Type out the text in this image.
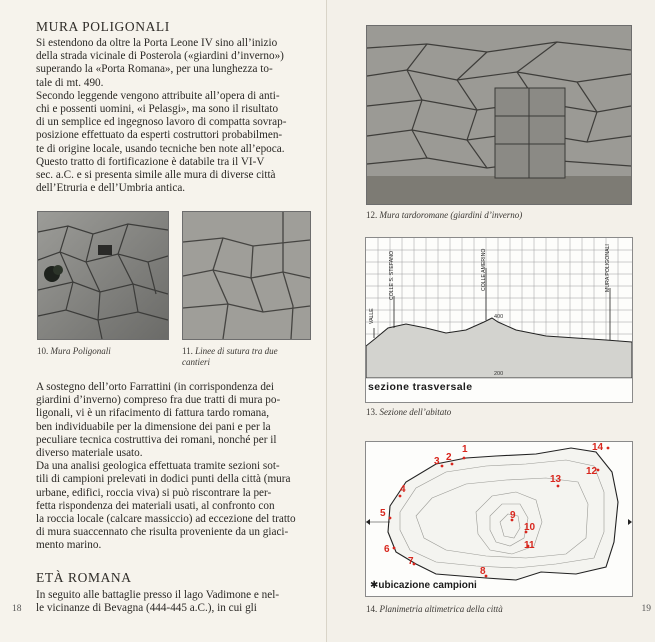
MURA POLIGONALI
Si estendono da oltre la Porta Leone IV sino all’inizio
della strada vicinale di Posterola («giardini d’inverno»)
superando la «Porta Romana», per una lunghezza to-
tale di mt. 490.
Secondo leggende vengono attribuite all’opera di anti-
chi e possenti uomini, «i Pelasgi», ma sono il risultato
di un semplice ed ingegnoso lavoro di compatta sovrap-
posizione effettuato da esperti costruttori probabilmen-
te di origine locale, usando tecniche ben note all’epoca.
Questo tratto di fortificazione è databile tra il VI-V
sec. a.C. e si presenta simile alle mura di diverse città
dell’Etruria e dell’Umbria antica.
10. Mura Poligonali	11. Linee di sutura tra due
cantieri
A sostegno dell’orto Farrattini (in corrispondenza dei
giardini d’inverno) compreso fra due tratti di mura po-
ligonali, vi è un rifacimento di fattura tardo romana,
ben individuabile per la dimensione dei pani e per la
peculiare tecnica costruttiva dei romani, nonché per il
diverso materiale usato.
Da una analisi geologica effettuata tramite sezioni sot-
tili di campioni prelevati in dodici punti della città (mura
urbane, edifici, roccia viva) si può riscontrare la per-
fetta rispondenza dei materiali usati, al confronto con
la roccia locale (calcare massiccio) ad eccezione del tratto
di mura suaccennato che risulta proveniente da un giaci-
mento marino.
ETÀ ROMANA
In seguito alle battaglie presso il lago Vadimone e nel-
le vicinanze di Bevagna (444-445 a.C.), in cui gli
18
12. Mura tardoromane (giardini d’inverno)
VALLE
COLLE S. STEFANO	COLLE AMERINO	MURA POLIGONALI
400
200
sezione trasversale
13. Sezione dell’abitato
1
2
3
4
5
6
7
8
9
10
11
12
13
14
✱ubicazione campioni
14. Planimetria altimetrica della città	19
